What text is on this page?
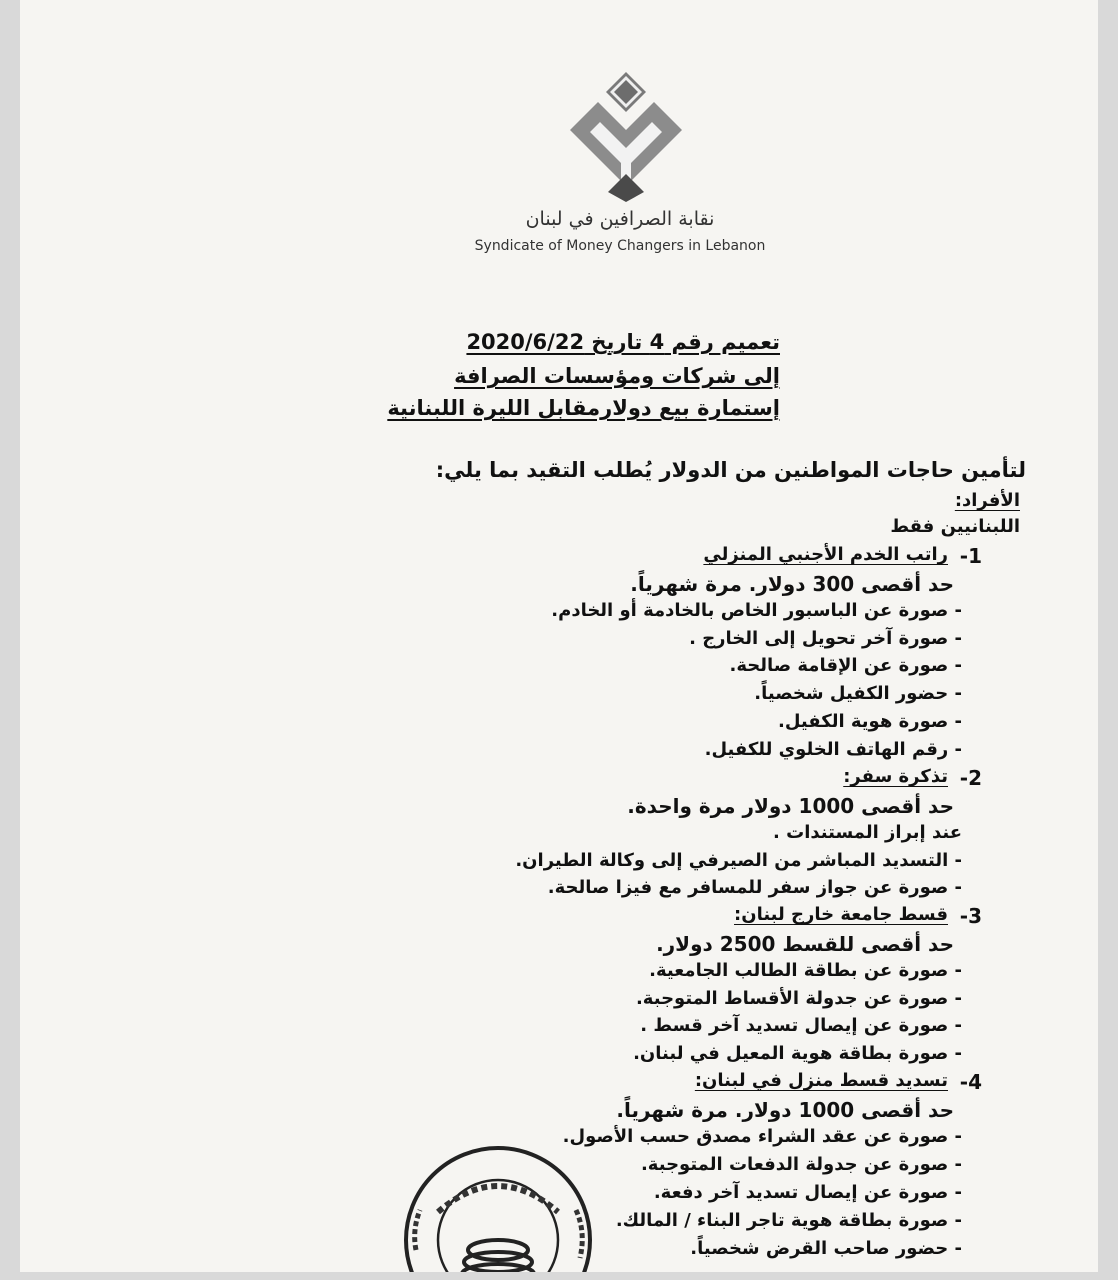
نقابة الصرافين في لبنان
Syndicate of Money Changers in Lebanon
تعميم رقم 4 تاريخ 2020/6/22
إلى شركات ومؤسسات الصرافة
إستمارة بيع دولارمقابل الليرة اللبنانية
لتأمين حاجات المواطنين من الدولار يُطلب التقيد بما يلي:
الأفراد:
اللبنانيين فقط
1-
راتب الخدم الأجنبي المنزلي
حد أقصى 300 دولار. مرة شهرياً.
- صورة عن الباسبور الخاص بالخادمة أو الخادم.
- صورة آخر تحويل إلى الخارج .
- صورة عن الإقامة صالحة.
- حضور الكفيل شخصياً.
- صورة هوية الكفيل.
- رقم الهاتف الخلوي للكفيل.
2-
تذكرة سفر:
حد أقصى 1000 دولار مرة واحدة.
عند إبراز المستندات .
- التسديد المباشر من الصيرفي إلى وكالة الطيران.
- صورة عن جواز سفر للمسافر مع فيزا صالحة.
3-
قسط جامعة خارج لبنان:
حد أقصى للقسط 2500 دولار.
- صورة عن بطاقة الطالب الجامعية.
- صورة عن جدولة الأقساط المتوجبة.
- صورة عن إيصال تسديد آخر قسط .
- صورة بطاقة هوية المعيل في لبنان.
4-
تسديد قسط منزل في لبنان:
حد أقصى 1000 دولار. مرة شهرياً.
- صورة عن عقد الشراء مصدق حسب الأصول.
- صورة عن جدولة الدفعات المتوجبة.
- صورة عن إيصال تسديد آخر دفعة.
- صورة بطاقة هوية تاجر البناء / المالك.
- حضور صاحب القرض شخصياً.
